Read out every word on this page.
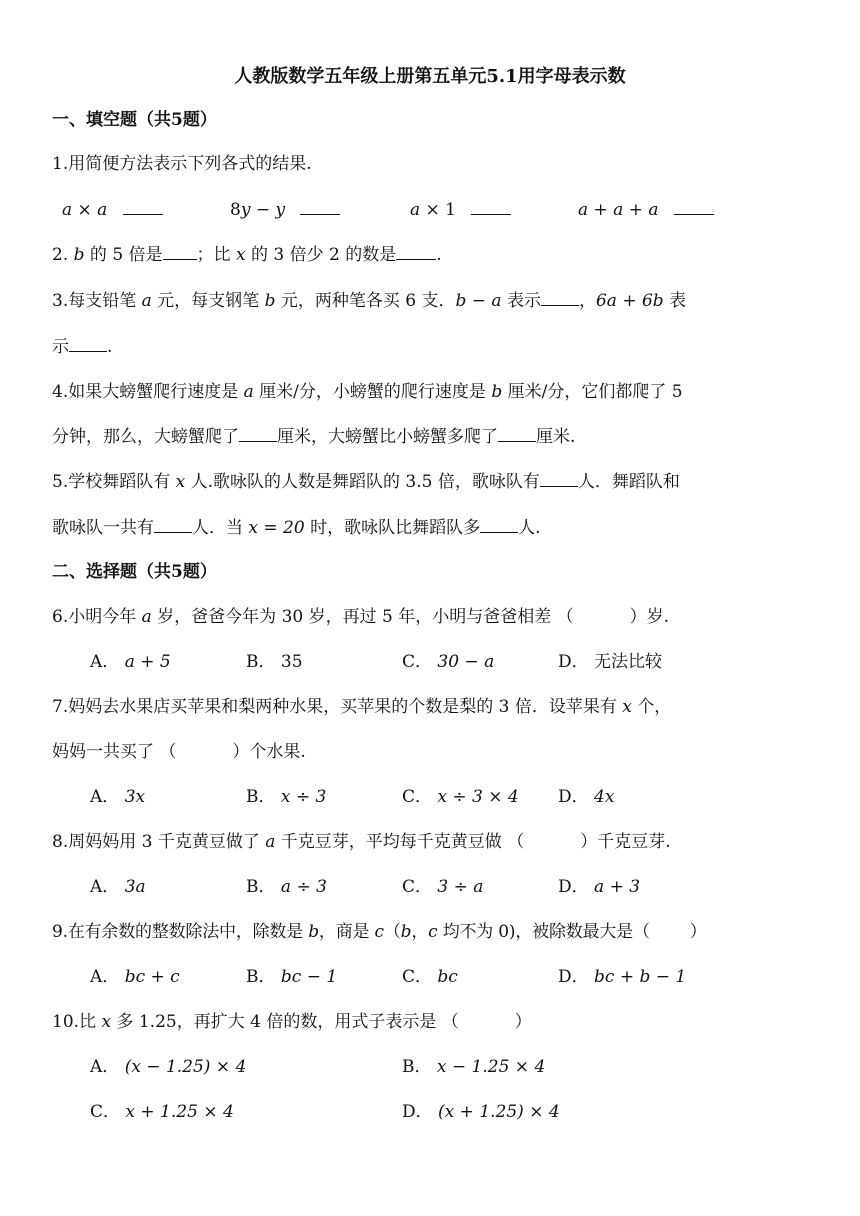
人教版数学五年级上册第五单元5.1用字母表示数
一、填空题（共5题）
1.用简便方法表示下列各式的结果.
𝑎 × 𝑎	8𝑦 − 𝑦	𝑎 × 1	𝑎 + 𝑎 + 𝑎
2. 𝑏 的 5 倍是 ；比 𝑥 的 3 倍少 2 的数是 .
3.每支铅笔 𝑎 元，每支钢笔 𝑏 元，两种笔各买 6 支．𝑏 − 𝑎 表示 ，6𝑎 + 6𝑏 表
示 .
4.如果大螃蟹爬行速度是 𝑎 厘米/分，小螃蟹的爬行速度是 𝑏 厘米/分，它们都爬了 5
分钟，那么，大螃蟹爬了 厘米，大螃蟹比小螃蟹多爬了 厘米.
5.学校舞蹈队有 𝑥 人.歌咏队的人数是舞蹈队的 3.5 倍，歌咏队有 人．舞蹈队和
歌咏队一共有 人．当 𝑥 = 20 时，歌咏队比舞蹈队多 人.
二、选择题（共5题）
6.小明今年 𝑎 岁，爸爸今年为 30 岁，再过 5 年，小明与爸爸相差 （	）岁.
A． 𝑎 + 5	B． 35	C． 30 − 𝑎	D． 无法比较
7.妈妈去水果店买苹果和梨两种水果，买苹果的个数是梨的 3 倍．设苹果有 𝑥 个，
妈妈一共买了 （	）个水果.
A． 3𝑥	B． 𝑥 ÷ 3	C． 𝑥 ÷ 3 × 4 D． 4𝑥
8.周妈妈用 3 千克黄豆做了 𝑎 千克豆芽，平均每千克黄豆做 （	）千克豆芽.
A． 3𝑎	B． 𝑎 ÷ 3	C． 3 ÷ 𝑎	D． 𝑎 + 3
9.在有余数的整数除法中，除数是 𝑏，商是 𝑐（𝑏，𝑐 均不为 0)，被除数最大是（ ）
A． 𝑏𝑐 + 𝑐	B． 𝑏𝑐 − 1	C． 𝑏𝑐	D． 𝑏𝑐 + 𝑏 − 1
10.比 𝑥 多 1.25，再扩大 4 倍的数，用式子表示是 （	）
A． (𝑥 − 1.25) × 4	B． 𝑥 − 1.25 × 4
C． 𝑥 + 1.25 × 4	D． (𝑥 + 1.25) × 4
